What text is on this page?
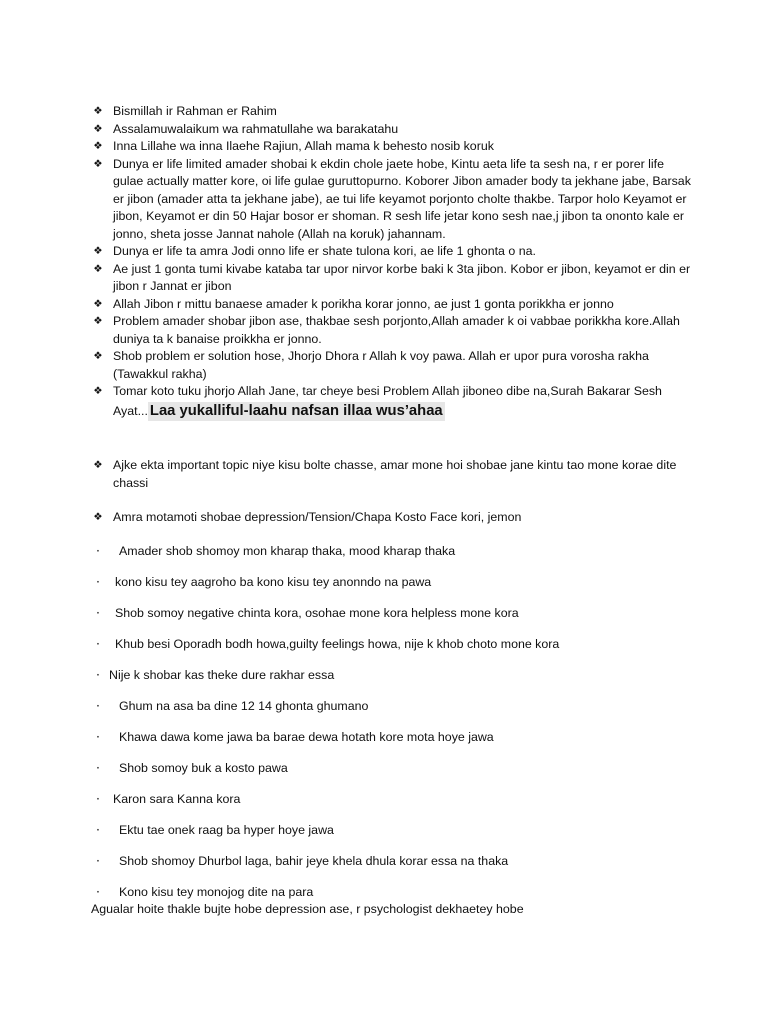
❖ Bismillah ir Rahman er Rahim
❖ Assalamuwalaikum wa rahmatullahe wa barakatahu
❖ Inna Lillahe wa inna Ilaehe Rajiun, Allah mama k behesto nosib koruk
❖ Dunya er life limited amader shobai k ekdin chole jaete hobe, Kintu aeta life ta sesh na, r er porer life gulae actually matter kore, oi life gulae guruttopurno. Koborer Jibon amader body ta jekhane jabe, Barsak er jibon (amader atta ta jekhane jabe), ae tui life keyamot porjonto cholte thakbe. Tarpor holo Keyamot er jibon, Keyamot er din 50 Hajar bosor er shoman. R sesh life jetar kono sesh nae,j jibon ta ononto kale er jonno, sheta josse Jannat nahole (Allah na koruk) jahannam.
❖ Dunya er life ta amra Jodi onno life er shate tulona kori, ae life 1 ghonta o na.
❖ Ae just 1 gonta tumi kivabe kataba tar upor nirvor korbe baki k 3ta jibon. Kobor er jibon, keyamot er din er jibon r Jannat er jibon
❖ Allah Jibon r mittu banaese amader k porikha korar jonno, ae just 1 gonta porikkha er jonno
❖ Problem amader shobar jibon ase, thakbae sesh porjonto,Allah amader k oi vabbae porikkha kore.Allah duniya ta k banaise proikkha er jonno.
❖ Shob problem er solution hose, Jhorjo Dhora r Allah k voy pawa. Allah er upor pura vorosha rakha (Tawakkul rakha)
❖ Tomar koto tuku jhorjo Allah Jane, tar cheye besi Problem Allah jiboneo dibe na,Surah Bakarar Sesh
Ayat... Laa yukalliful-laahu nafsan illaa wus’ahaa
❖ Ajke ekta important topic niye kisu bolte chasse, amar mone hoi shobae jane kintu tao mone korae dite chassi
❖ Amra motamoti shobae depression/Tension/Chapa Kosto Face kori, jemon
· Amader shob shomoy mon kharap thaka, mood kharap thaka
· kono kisu tey aagroho ba kono kisu tey anonndo na pawa
· Shob somoy negative chinta kora, osohae mone kora helpless mone kora
· Khub besi Oporadh bodh howa,guilty feelings howa, nije k khob choto mone kora
· Nije k shobar kas theke dure rakhar essa
· Ghum na asa ba dine 12 14 ghonta ghumano
· Khawa dawa kome jawa ba barae dewa hotath kore mota hoye jawa
· Shob somoy buk a kosto pawa
· Karon sara Kanna kora
· Ektu tae onek raag ba hyper hoye jawa
· Shob shomoy Dhurbol laga, bahir jeye khela dhula korar essa na thaka
· Kono kisu tey monojog dite na para
Agualar hoite thakle bujte hobe depression ase, r psychologist dekhaetey hobe
